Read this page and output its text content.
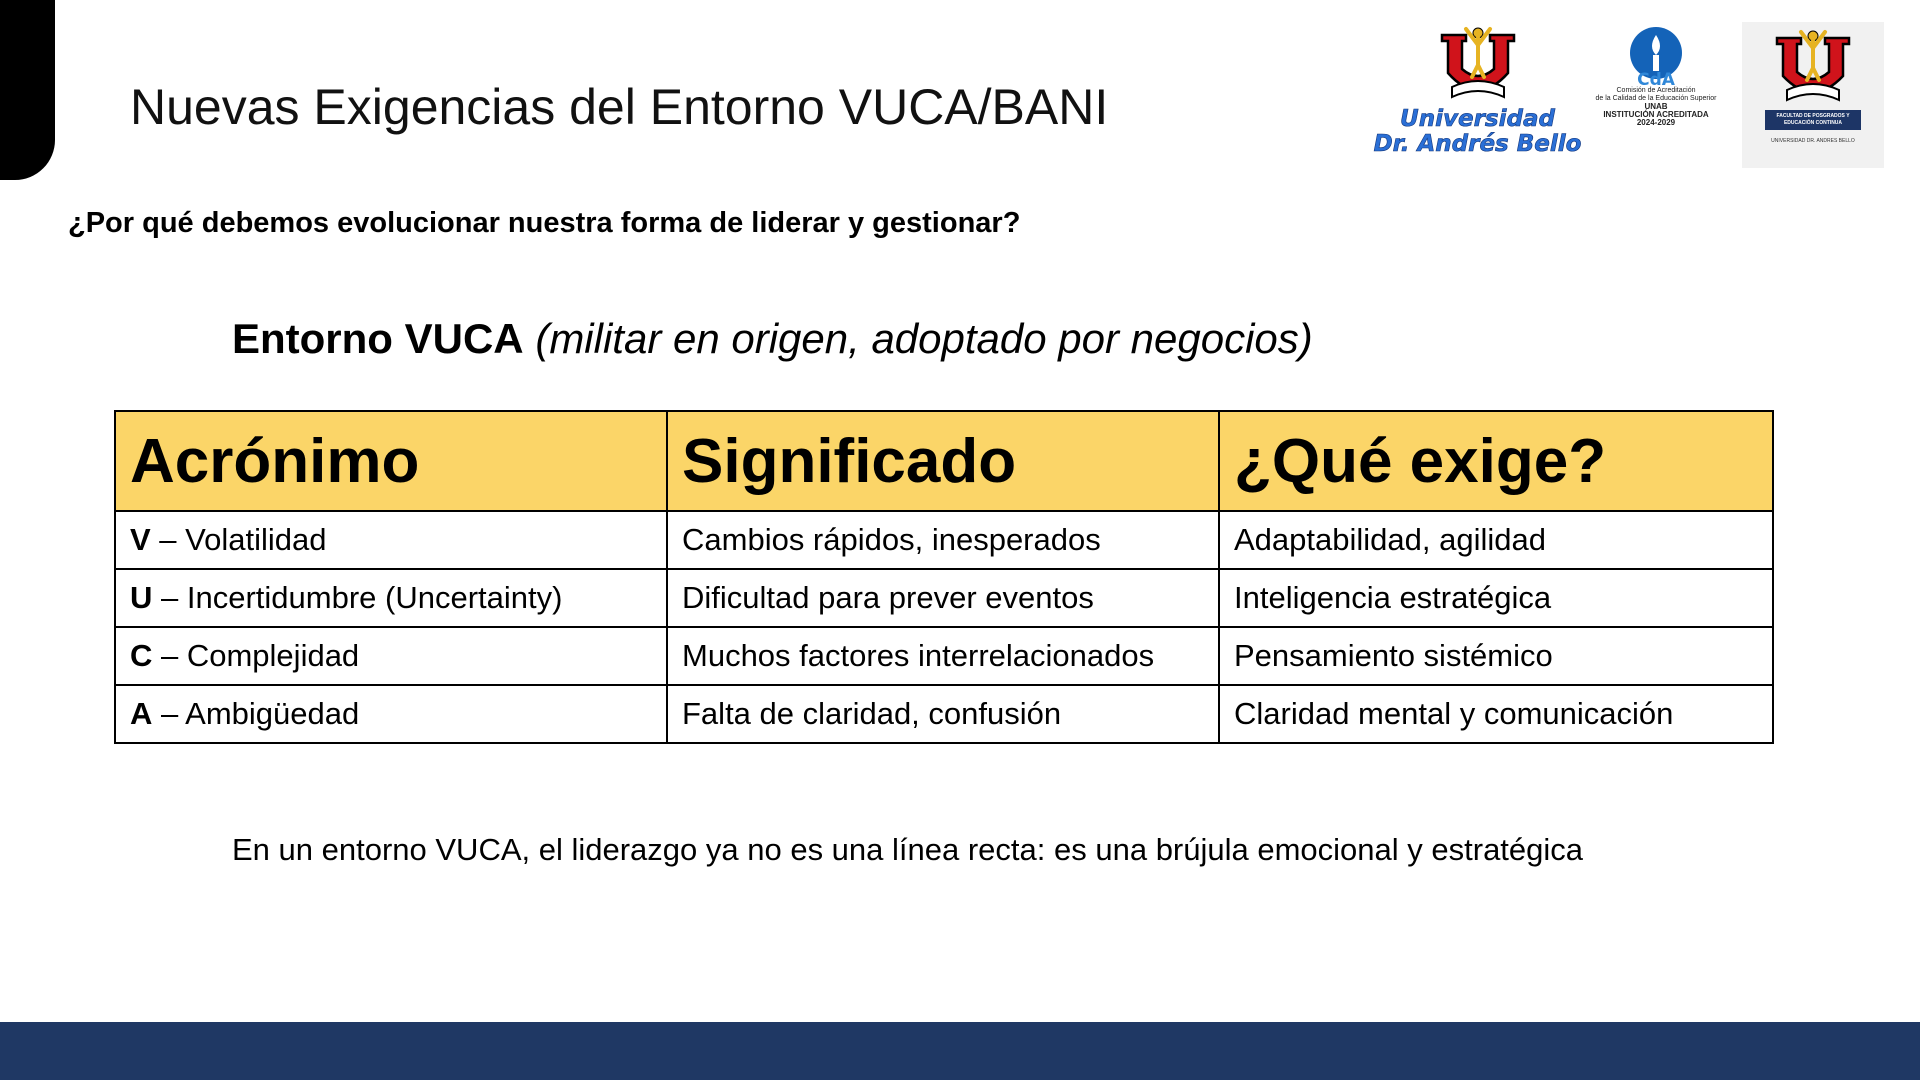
Nuevas Exigencias del Entorno VUCA/BANI	Universidad
Dr. Andrés Bello
CdA
Comisión de Acreditación
de la Calidad de la Educación Superior
UNAB
INSTITUCIÓN ACREDITADA
2024-2029
FACULTAD DE POSGRADOS Y EDUCACIÓN CONTINUA
UNIVERSIDAD DR. ANDRES BELLO
¿Por qué debemos evolucionar nuestra forma de liderar y gestionar?
Entorno VUCA (militar en origen, adoptado por negocios)
Acrónimo	Significado	¿Qué exige?
V – Volatilidad	Cambios rápidos, inesperados	Adaptabilidad, agilidad
U – Incertidumbre (Uncertainty)	Dificultad para prever eventos	Inteligencia estratégica
C – Complejidad	Muchos factores interrelacionados	Pensamiento sistémico
A – Ambigüedad	Falta de claridad, confusión	Claridad mental y comunicación
En un entorno VUCA, el liderazgo ya no es una línea recta: es una brújula emocional y estratégica
